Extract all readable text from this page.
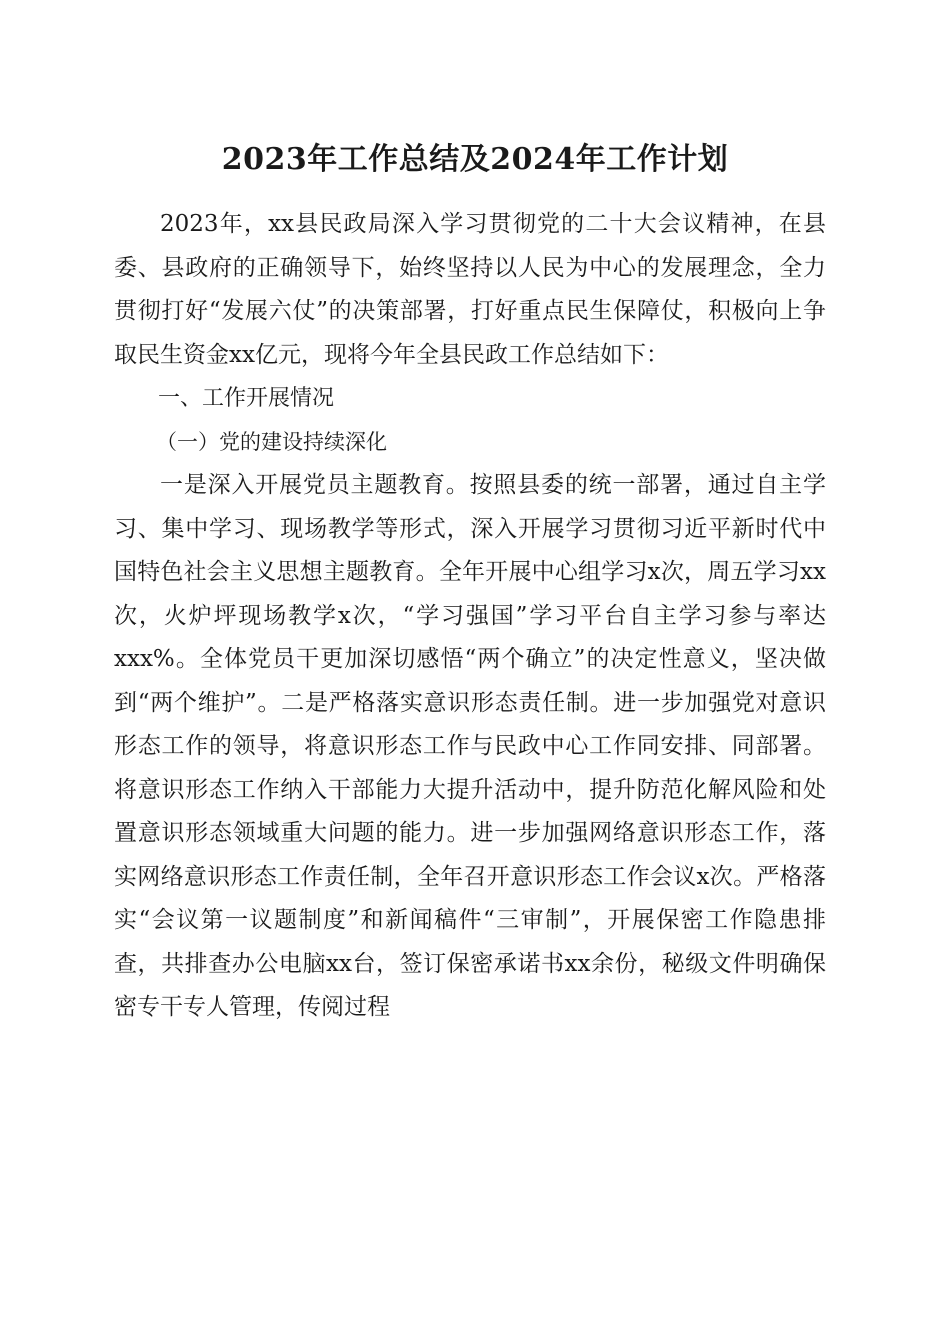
2023年工作总结及2024年工作计划

2023年，xx县民政局深入学习贯彻党的二十大会议精神，在县委、县政府的正确领导下，始终坚持以人民为中心的发展理念，全力贯彻打好“发展六仗”的决策部署，打好重点民生保障仗，积极向上争取民生资金xx亿元，现将今年全县民政工作总结如下：

一、工作开展情况

（一）党的建设持续深化

一是深入开展党员主题教育。按照县委的统一部署，通过自主学习、集中学习、现场教学等形式，深入开展学习贯彻习近平新时代中国特色社会主义思想主题教育。全年开展中心组学习x次，周五学习xx次，火炉坪现场教学x次，“学习强国”学习平台自主学习参与率达xxx%。全体党员干更加深切感悟“两个确立”的决定性意义，坚决做到“两个维护”。二是严格落实意识形态责任制。进一步加强党对意识形态工作的领导，将意识形态工作与民政中心工作同安排、同部署。将意识形态工作纳入干部能力大提升活动中，提升防范化解风险和处置意识形态领域重大问题的能力。进一步加强网络意识形态工作，落实网络意识形态工作责任制，全年召开意识形态工作会议x次。严格落实“会议第一议题制度”和新闻稿件“三审制”，开展保密工作隐患排查，共排查办公电脑xx台，签订保密承诺书xx余份，秘级文件明确保密专干专人管理，传阅过程
